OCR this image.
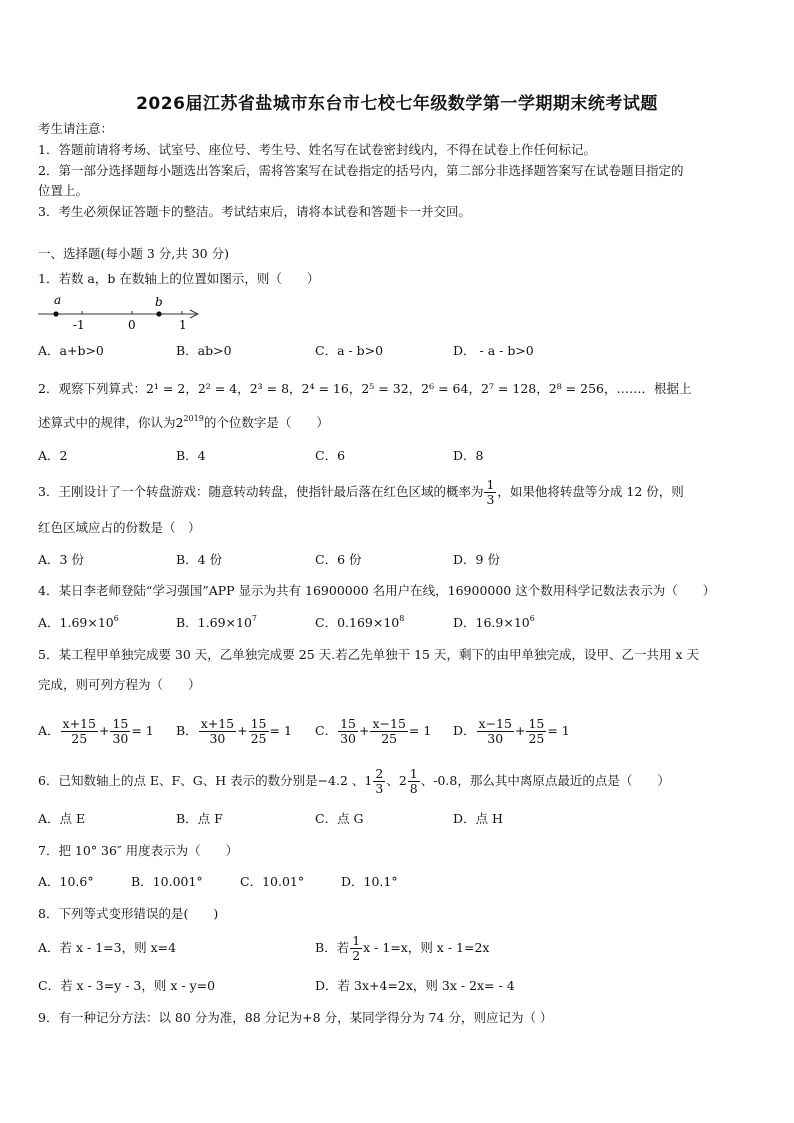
2026届江苏省盐城市东台市七校七年级数学第一学期期末统考试题
考生请注意：
1．答题前请将考场、试室号、座位号、考生号、姓名写在试卷密封线内，不得在试卷上作任何标记。
2．第一部分选择题每小题选出答案后，需将答案写在试卷指定的括号内，第二部分非选择题答案写在试卷题目指定的
位置上。
3．考生必须保证答题卡的整洁。考试结束后，请将本试卷和答题卡一并交回。
一、选择题(每小题 3 分,共 30 分)
1．若数 a，b 在数轴上的位置如图示，则（　　）
a	b
-1	0	1
A．a+b>0	B．ab>0	C．a - b>0	D． - a - b>0
2．观察下列算式：2¹ = 2，2² = 4，2³ = 8，2⁴ = 16，2⁵ = 32，2⁶ = 64，2⁷ = 128，2⁸ = 256，……．根据上
述算式中的规律，你认为$2^{2019}$的个位数字是（　　）
A．2	B．4	C．6	D．8
3．王刚设计了一个转盘游戏：随意转动转盘，使指针最后落在红色区域的概率为 $\frac{1}{3}$ ，如果他将转盘等分成 12 份，则
红色区域应占的份数是（　）
A．3 份	B．4 份	C．6 份	D．9 份
4．某日李老师登陆“学习强国”APP 显示为共有 16900000 名用户在线，16900000 这个数用科学记数法表示为（　　）
A．$1.69\times 10^6$	B．$1.69\times 10^7$	C．$0.169\times 10^8$	D．$16.9\times 10^6$
5．某工程甲单独完成要 30 天，乙单独完成要 25 天.若乙先单独干 15 天，剩下的由甲单独完成，设甲、乙一共用 x 天
完成，则可列方程为（　　）
A． $\frac{x+15}{25} + \frac{15}{30} = 1$ B． $\frac{x+15}{30} + \frac{15}{25} = 1$ C． $\frac{15}{30} + \frac{x-15}{25} = 1$ D． $\frac{x-15}{30} + \frac{15}{25} = 1$
6．已知数轴上的点 E、F、G、H 表示的数分别是−4.2 、$1 \frac{2}{3}$ 、$2 \frac{1}{8}$ 、-0.8，那么其中离原点最近的点是（　　）
A．点 E	B．点 F	C．点 G	D．点 H
7．把 10° 36″ 用度表示为（　　）
A．10.6°	B．10.001°	C．10.01°	D．10.1°
8．下列等式变形错误的是(　　)
A．若 x - 1=3，则 x=4	B．若 $\frac{1}{2}$ x - 1=x，则 x - 1=2x
C．若 x - 3=y - 3，则 x - y=0	D．若 3x+4=2x，则 3x - 2x= - 4
9．有一种记分方法：以 80 分为准，88 分记为+8 分，某同学得分为 74 分，则应记为（ ）
